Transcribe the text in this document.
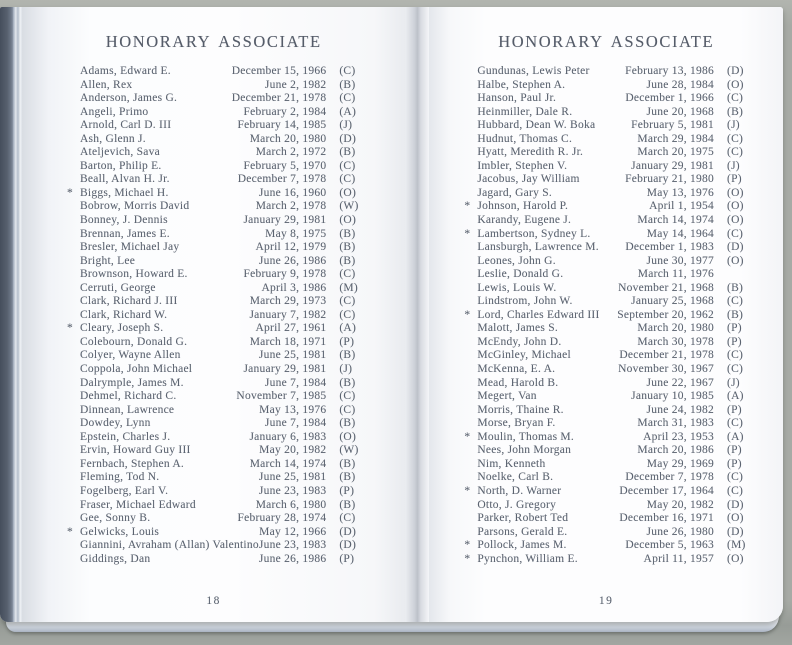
HONORARY ASSOCIATE
Adams, Edward E.	December 15, 1966 (C)
Allen, Rex	June 2, 1982 (B)
Anderson, James G.	December 21, 1978 (C)
Angeli, Primo	February 2, 1984 (A)
Arnold, Carl D. III	February 14, 1985 (J)
Ash, Glenn J.	March 20, 1980 (D)
Ateljevich, Sava	March 2, 1972 (B)
Barton, Philip E.	February 5, 1970 (C)
Beall, Alvan H. Jr.	December 7, 1978 (C)
* Biggs, Michael H.	June 16, 1960 (O)
Bobrow, Morris David	March 2, 1978 (W)
Bonney, J. Dennis	January 29, 1981 (O)
Brennan, James E.	May 8, 1975 (B)
Bresler, Michael Jay	April 12, 1979 (B)
Bright, Lee	June 26, 1986 (B)
Brownson, Howard E.	February 9, 1978 (C)
Cerruti, George	April 3, 1986 (M)
Clark, Richard J. III	March 29, 1973 (C)
Clark, Richard W.	January 7, 1982 (C)
* Cleary, Joseph S.	April 27, 1961 (A)
Colebourn, Donald G.	March 18, 1971 (P)
Colyer, Wayne Allen	June 25, 1981 (B)
Coppola, John Michael	January 29, 1981 (J)
Dalrymple, James M.	June 7, 1984 (B)
Dehmel, Richard C.	November 7, 1985 (C)
Dinnean, Lawrence	May 13, 1976 (C)
Dowdey, Lynn	June 7, 1984 (B)
Epstein, Charles J.	January 6, 1983 (O)
Ervin, Howard Guy III	May 20, 1982 (W)
Fernbach, Stephen A.	March 14, 1974 (B)
Fleming, Tod N.	June 25, 1981 (B)
Fogelberg, Earl V.	June 23, 1983 (P)
Fraser, Michael Edward	March 6, 1980 (B)
Gee, Sonny B.	February 28, 1974 (C)
* Gelwicks, Louis	May 12, 1966 (D)
Giannini, Avraham (Allan) Valentino June 23, 1983 (D)
Giddings, Dan	June 26, 1986 (P)
18
HONORARY ASSOCIATE
Gundunas, Lewis Peter	February 13, 1986 (D)
Halbe, Stephen A.	June 28, 1984 (O)
Hanson, Paul Jr.	December 1, 1966 (C)
Heinmiller, Dale R.	June 20, 1968 (B)
Hubbard, Dean W. Boka	February 5, 1981 (J)
Hudnut, Thomas C.	March 29, 1984 (C)
Hyatt, Meredith R. Jr.	March 20, 1975 (C)
Imbler, Stephen V.	January 29, 1981 (J)
Jacobus, Jay William	February 21, 1980 (P)
Jagard, Gary S.	May 13, 1976 (O)
* Johnson, Harold P.	April 1, 1954 (O)
Karandy, Eugene J.	March 14, 1974 (O)
* Lambertson, Sydney L.	May 14, 1964 (C)
Lansburgh, Lawrence M.	December 1, 1983 (D)
Leones, John G.	June 30, 1977 (O)
Leslie, Donald G.	March 11, 1976
Lewis, Louis W.	November 21, 1968 (B)
Lindstrom, John W.	January 25, 1968 (C)
* Lord, Charles Edward III	September 20, 1962 (B)
Malott, James S.	March 20, 1980 (P)
McEndy, John D.	March 30, 1978 (P)
McGinley, Michael	December 21, 1978 (C)
McKenna, E. A.	November 30, 1967 (C)
Mead, Harold B.	June 22, 1967 (J)
Megert, Van	January 10, 1985 (A)
Morris, Thaine R.	June 24, 1982 (P)
Morse, Bryan F.	March 31, 1983 (C)
* Moulin, Thomas M.	April 23, 1953 (A)
Nees, John Morgan	March 20, 1986 (P)
Nim, Kenneth	May 29, 1969 (P)
Noelke, Carl B.	December 7, 1978 (C)
* North, D. Warner	December 17, 1964 (C)
Otto, J. Gregory	May 20, 1982 (D)
Parker, Robert Ted	December 16, 1971 (O)
Parsons, Gerald E.	June 26, 1980 (D)
* Pollock, James M.	December 5, 1963 (M)
* Pynchon, William E.	April 11, 1957 (O)
19
